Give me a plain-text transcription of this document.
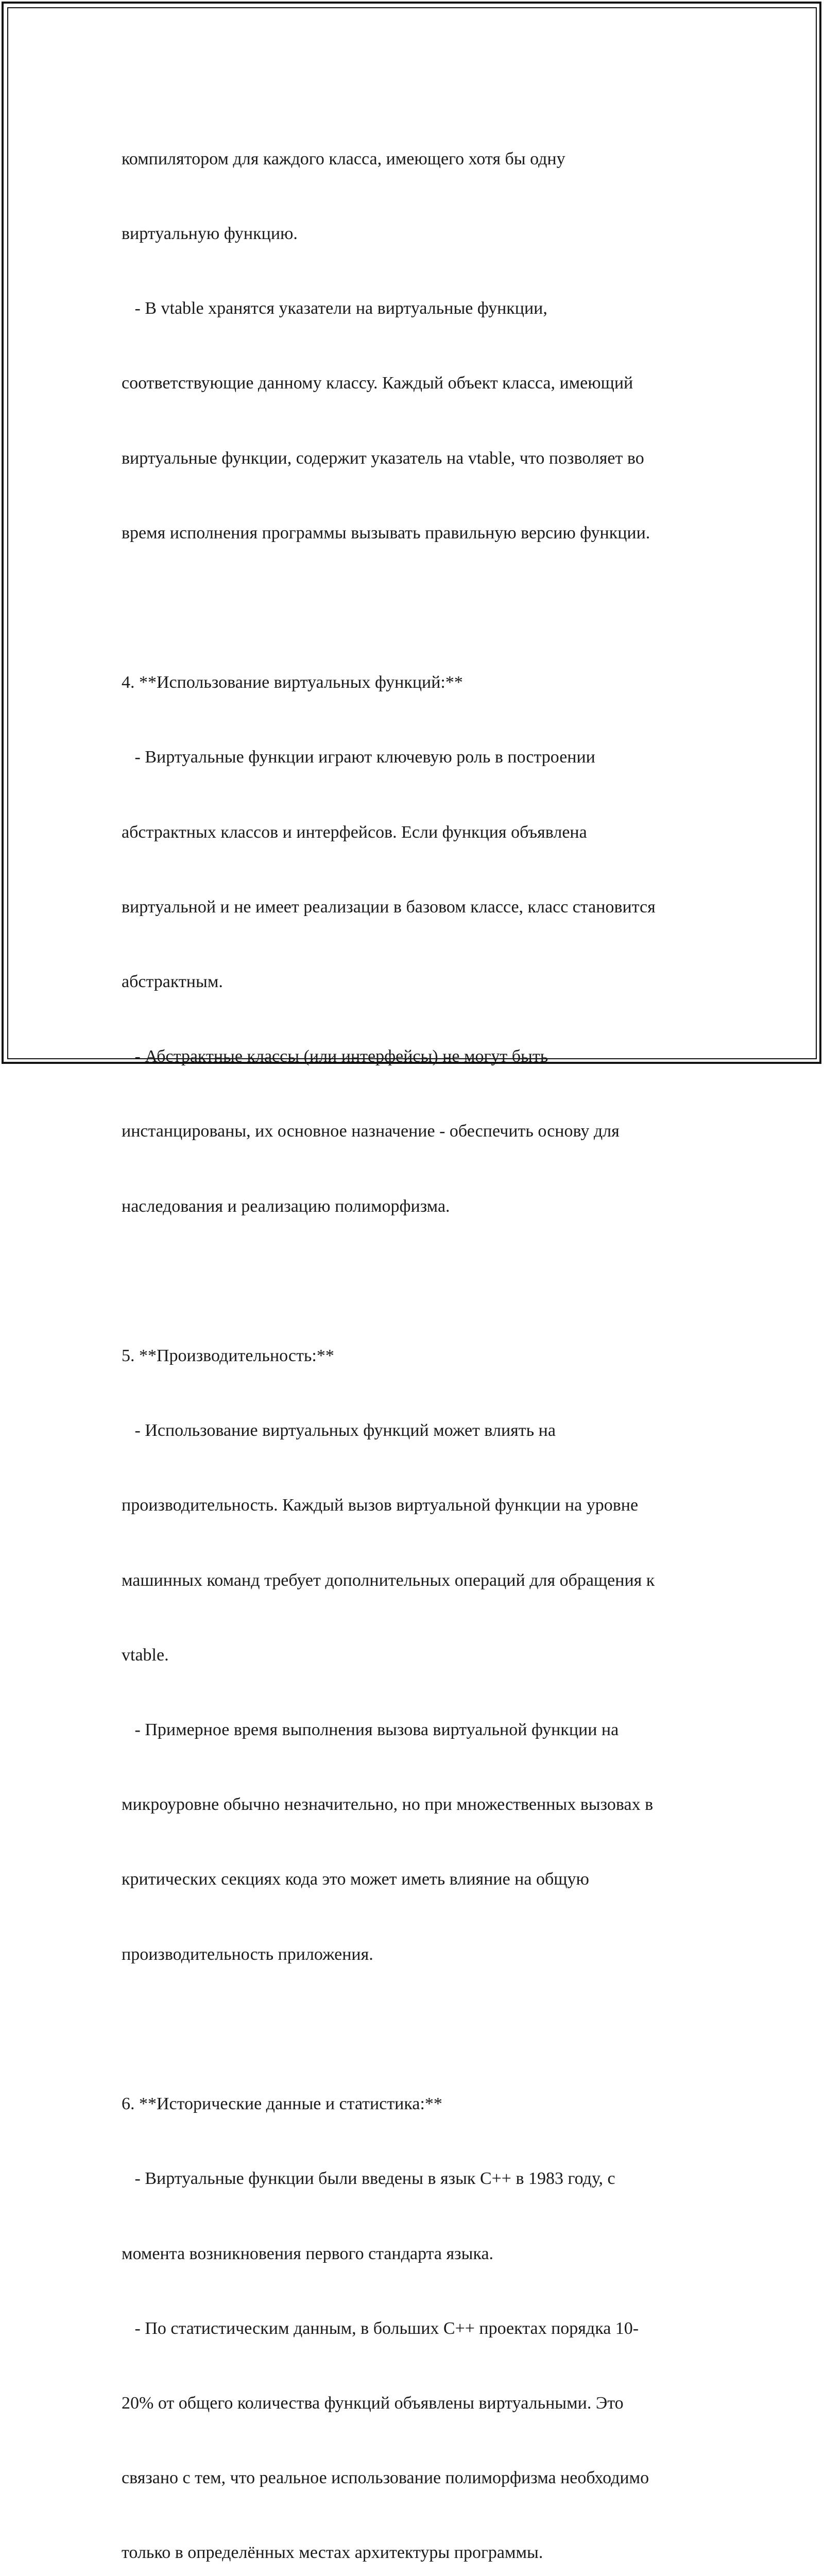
компилятором для каждого класса, имеющего хотя бы одну

виртуальную функцию.

- В vtable хранятся указатели на виртуальные функции,

соответствующие данному классу. Каждый объект класса, имеющий

виртуальные функции, содержит указатель на vtable, что позволяет во

время исполнения программы вызывать правильную версию функции.

4. **Использование виртуальных функций:**

- Виртуальные функции играют ключевую роль в построении

абстрактных классов и интерфейсов. Если функция объявлена

виртуальной и не имеет реализации в базовом классе, класс становится

абстрактным.

- Абстрактные классы (или интерфейсы) не могут быть

инстанцированы, их основное назначение - обеспечить основу для

наследования и реализацию полиморфизма.

5. **Производительность:**

- Использование виртуальных функций может влиять на

производительность. Каждый вызов виртуальной функции на уровне

машинных команд требует дополнительных операций для обращения к

vtable.

- Примерное время выполнения вызова виртуальной функции на

микроуровне обычно незначительно, но при множественных вызовах в

критических секциях кода это может иметь влияние на общую

производительность приложения.

6. **Исторические данные и статистика:**

- Виртуальные функции были введены в язык C++ в 1983 году, с

момента возникновения первого стандарта языка.

- По статистическим данным, в больших C++ проектах порядка 10-

20% от общего количества функций объявлены виртуальными. Это

связано с тем, что реальное использование полиморфизма необходимо

только в определённых местах архитектуры программы.
